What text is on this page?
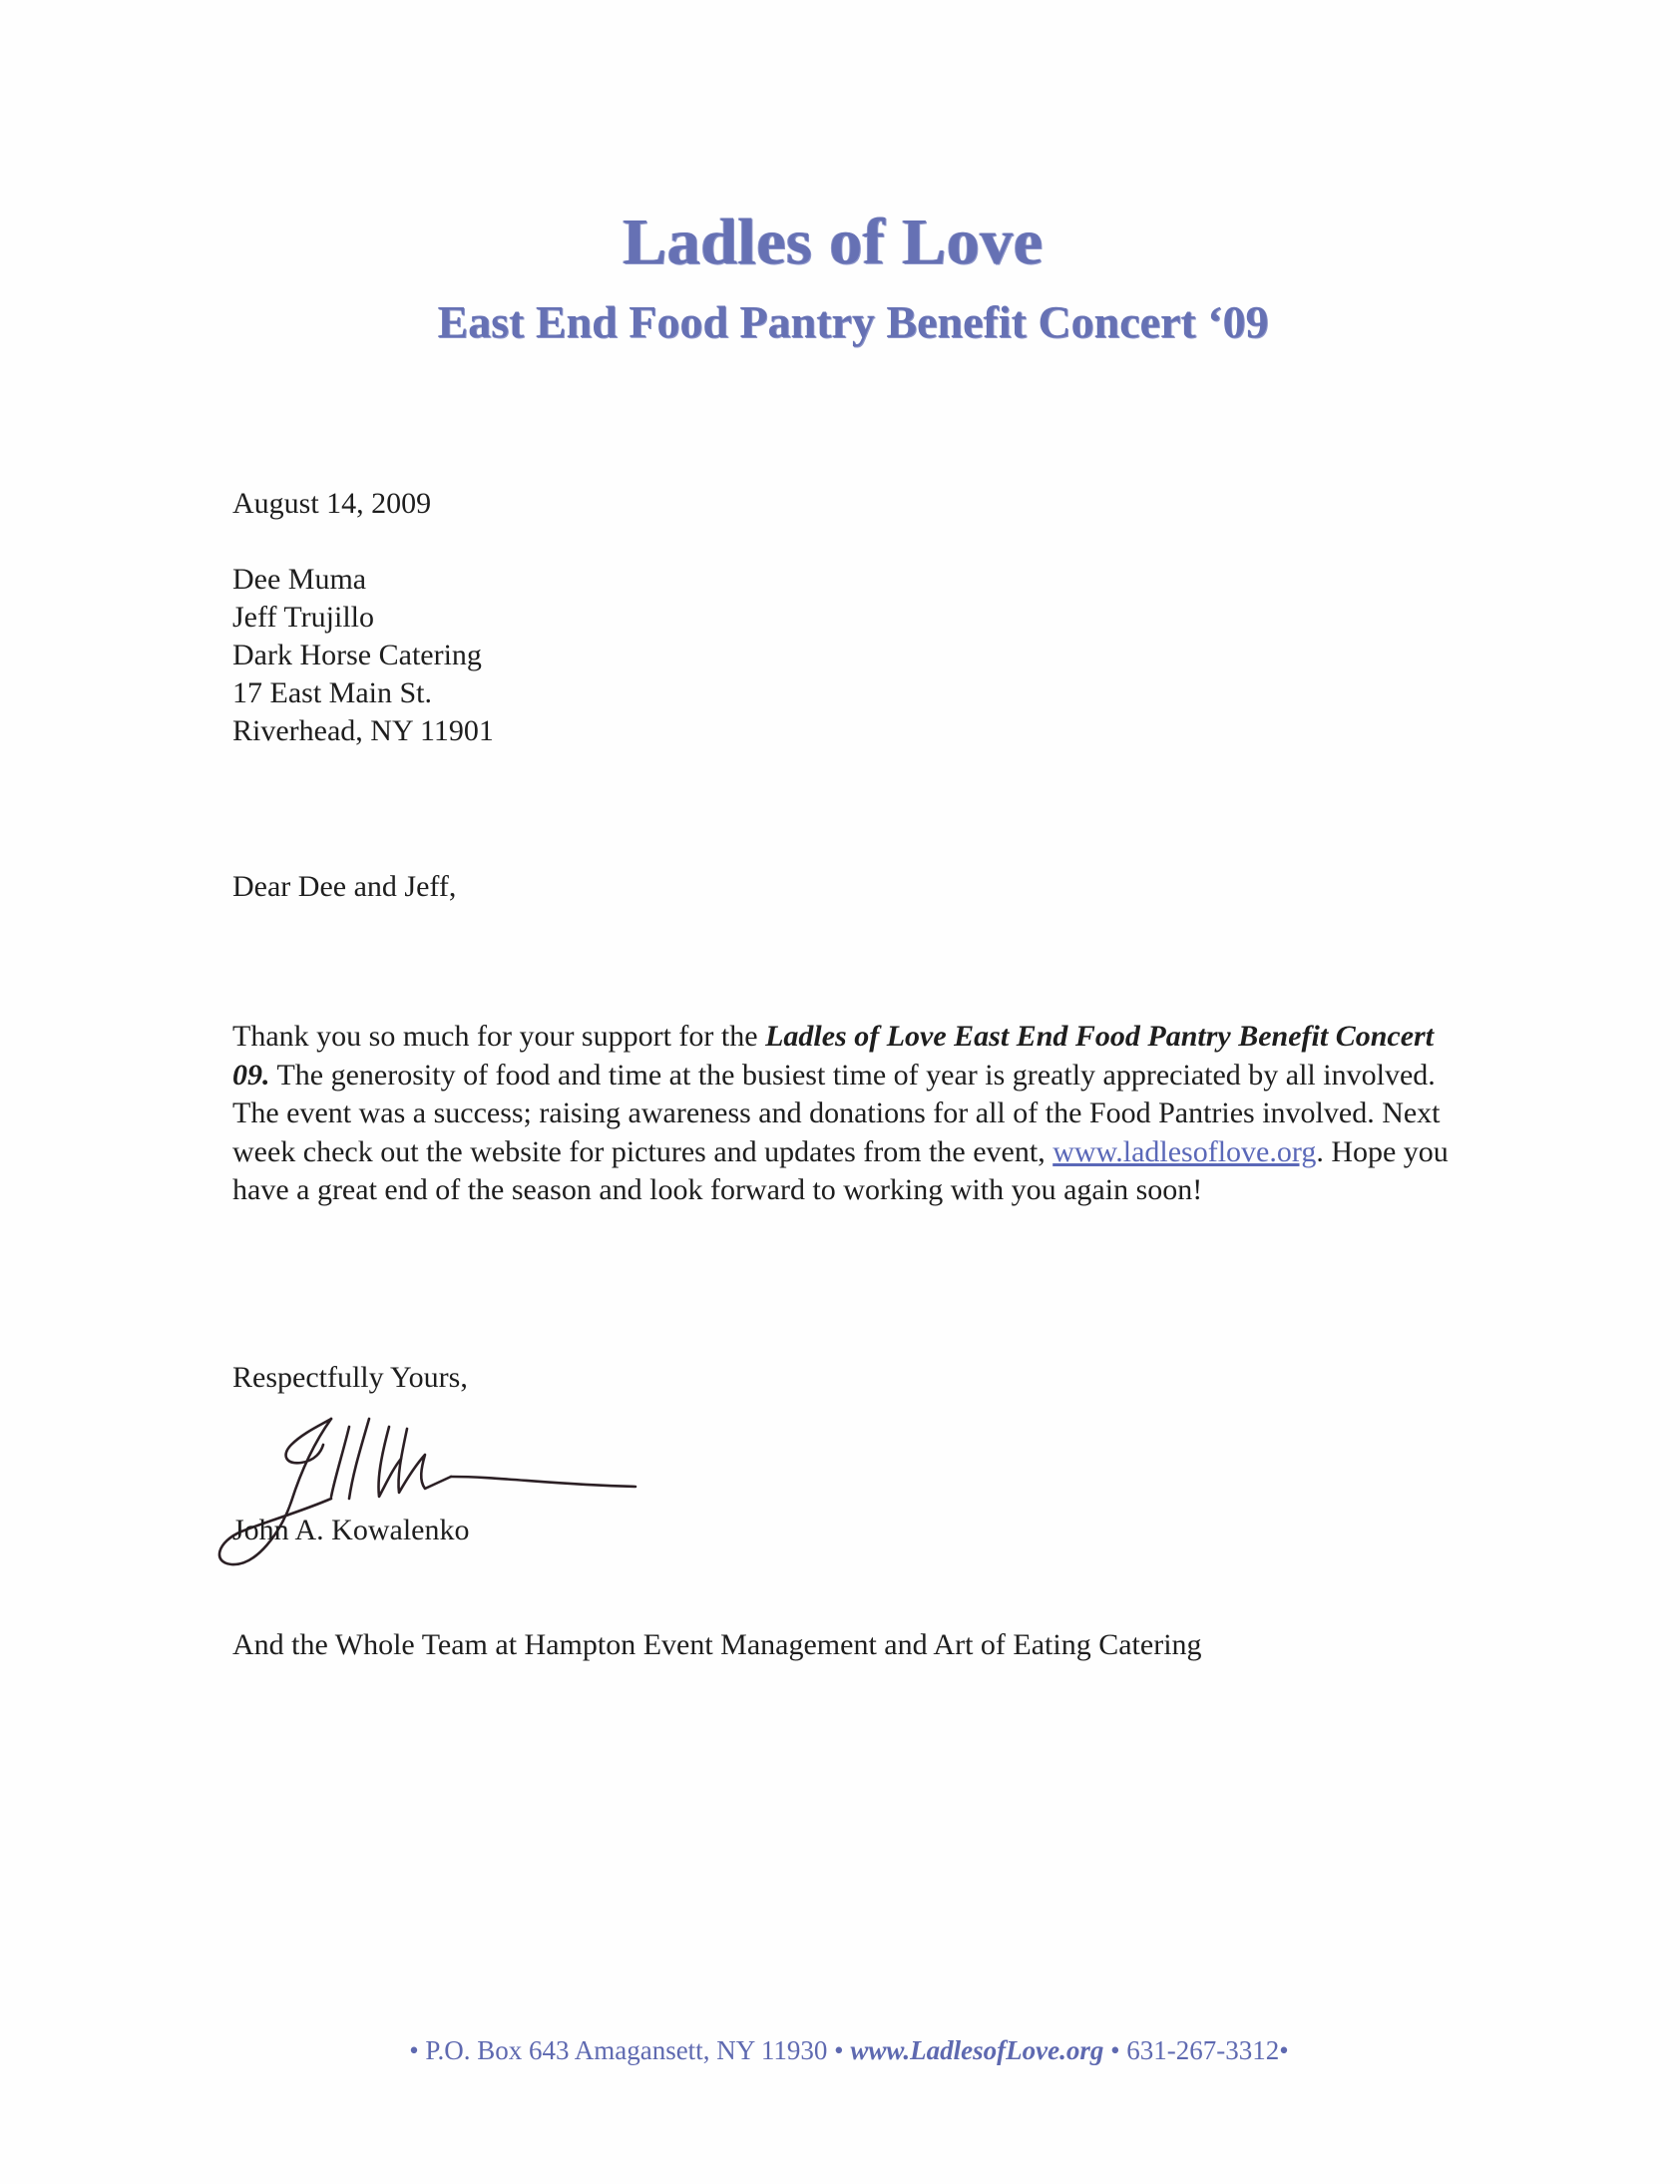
Ladles of Love
East End Food Pantry Benefit Concert ‘09
August 14, 2009
Dee Muma
Jeff Trujillo
Dark Horse Catering
17 East Main St.
Riverhead, NY 11901
Dear Dee and Jeff,
Thank you so much for your support for the Ladles of Love East End Food Pantry Benefit Concert 09. The generosity of food and time at the busiest time of year is greatly appreciated by all involved. The event was a success; raising awareness and donations for all of the Food Pantries involved. Next week check out the website for pictures and updates from the event, www.ladlesoflove.org. Hope you have a great end of the season and look forward to working with you again soon!
Respectfully Yours,
John A. Kowalenko
And the Whole Team at Hampton Event Management and Art of Eating Catering
• P.O. Box 643 Amagansett, NY 11930 • www.LadlesofLove.org • 631-267-3312•
